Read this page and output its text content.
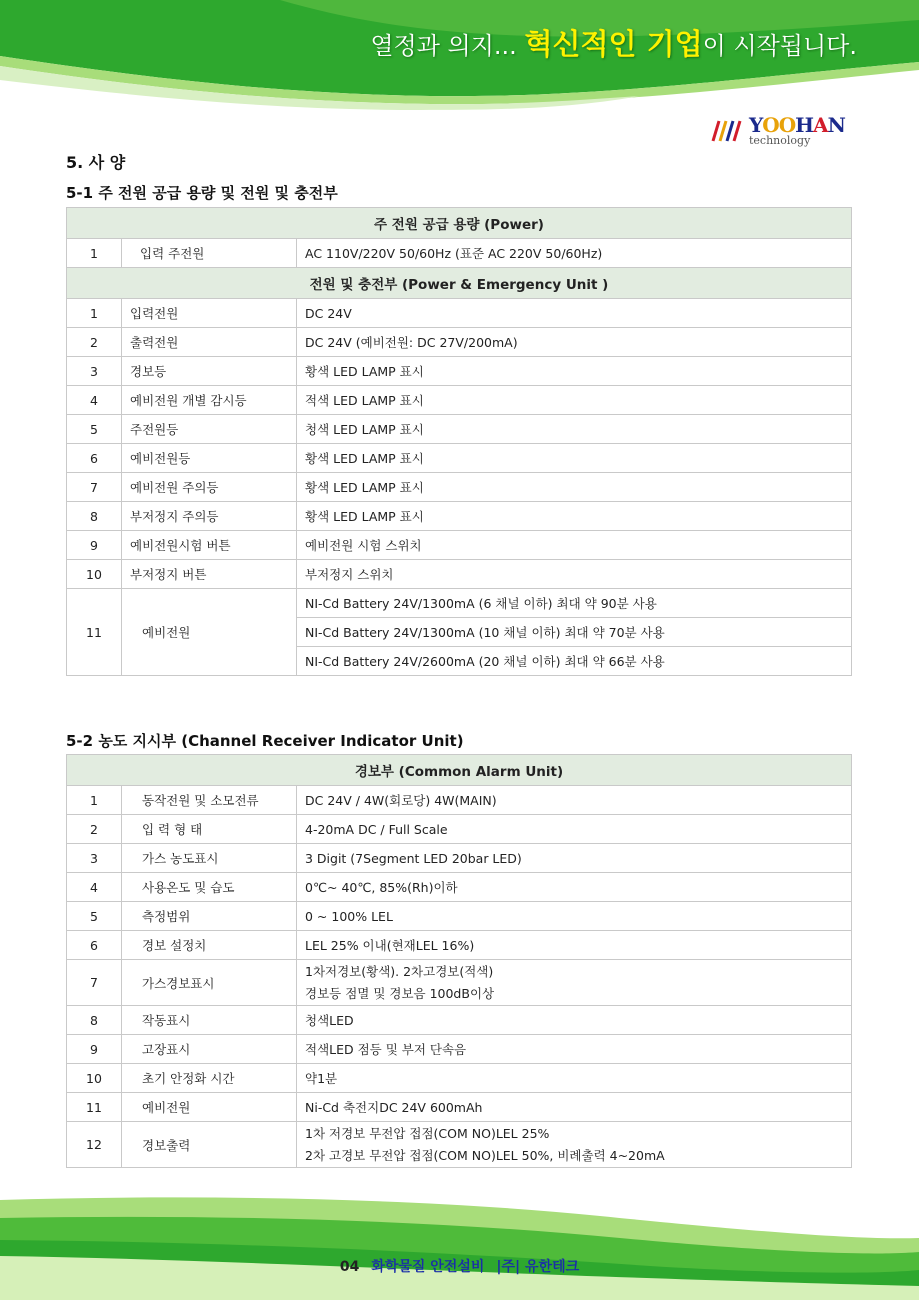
열정과 의지... 혁신적인 기업이 시작됩니다.
YOOHAN
technology
5. 사 양
5-1 주 전원 공급 용량 및 전원 및 충전부
주 전원 공급 용량 (Power)		
1	입력 주전원	AC 110V/220V 50/60Hz (표준 AC 220V 50/60Hz)
전원 및 충전부 (Power & Emergency Unit )		
1	입력전원	DC 24V
2	출력전원	DC 24V (예비전원: DC 27V/200mA)
3	경보등	황색 LED LAMP 표시
4	예비전원 개별 감시등	적색 LED LAMP 표시
5	주전원등	청색 LED LAMP 표시
6	예비전원등	황색 LED LAMP 표시
7	예비전원 주의등	황색 LED LAMP 표시
8	부저정지 주의등	황색 LED LAMP 표시
9	예비전원시험 버튼	예비전원 시험 스위치
10	부저정지 버튼	부저정지 스위치
11	예비전원	NI-Cd Battery 24V/1300mA (6 채널 이하) 최대 약 90분 사용
		NI-Cd Battery 24V/1300mA (10 채널 이하) 최대 약 70분 사용
		NI-Cd Battery 24V/2600mA (20 채널 이하) 최대 약 66분 사용
5-2 농도 지시부 (Channel Receiver Indicator Unit)
경보부 (Common Alarm Unit)		
1	동작전원 및 소모전류	DC 24V / 4W(회로당) 4W(MAIN)
2	입 력 형 태	4-20mA DC / Full Scale
3	가스 농도표시	3 Digit (7Segment LED 20bar LED)
4	사용온도 및 습도	0℃~ 40℃, 85%(Rh)이하
5	측정범위	0 ~ 100% LEL
6	경보 설정치	LEL 25% 이내(현재LEL 16%)
7	가스경보표시	1차저경보(황색). 2차고경보(적색)
경보등 점멸 및 경보음 100dB이상

8	작동표시	청색LED
9	고장표시	적색LED 점등 및 부저 단속음
10	초기 안정화 시간	약1분
11	예비전원	Ni-Cd 축전지DC 24V 600mAh
12	경보출력	1차 저경보 무전압 접점(COM NO)LEL 25%
2차 고경보 무전압 접점(COM NO)LEL 50%, 비례출력 4~20mA
04 화학물질 안전설비 |주| 유한테크
